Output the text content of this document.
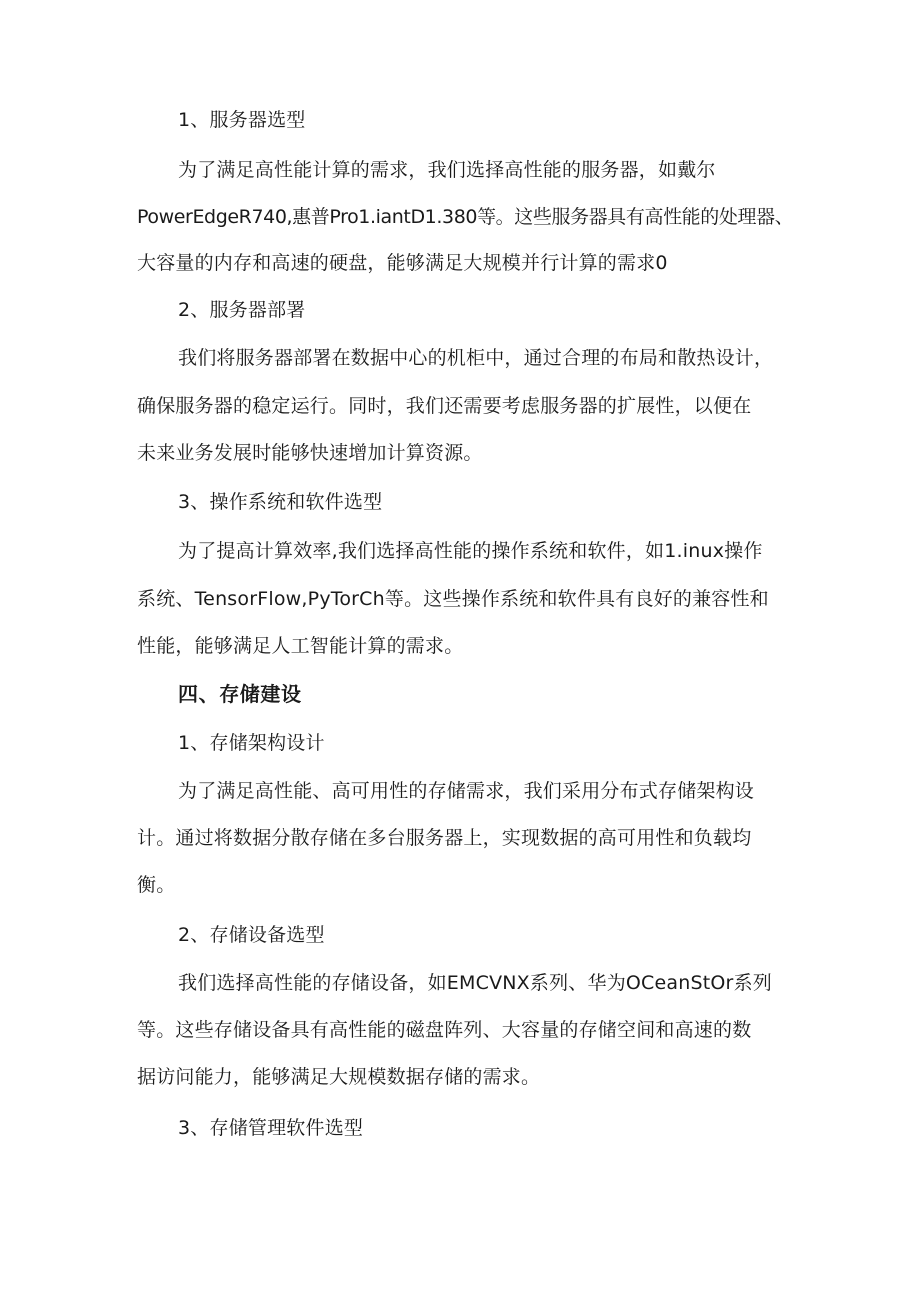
1、服务器选型
为了满足高性能计算的需求，我们选择高性能的服务器，如戴尔
PowerEdgeR740,惠普Pro1.iantD1.380等。这些服务器具有高性能的处理器、
大容量的内存和高速的硬盘，能够满足大规模并行计算的需求0
2、服务器部署
我们将服务器部署在数据中心的机柜中，通过合理的布局和散热设计，
确保服务器的稳定运行。同时，我们还需要考虑服务器的扩展性，以便在
未来业务发展时能够快速增加计算资源。
3、操作系统和软件选型
为了提高计算效率,我们选择高性能的操作系统和软件，如1.inux操作
系统、TensorFlow,PyTorCh等。这些操作系统和软件具有良好的兼容性和
性能，能够满足人工智能计算的需求。
四、存储建设
1、存储架构设计
为了满足高性能、高可用性的存储需求，我们采用分布式存储架构设
计。通过将数据分散存储在多台服务器上，实现数据的高可用性和负载均
衡。
2、存储设备选型
我们选择高性能的存储设备，如EMCVNX系列、华为OCeanStOr系列
等。这些存储设备具有高性能的磁盘阵列、大容量的存储空间和高速的数
据访问能力，能够满足大规模数据存储的需求。
3、存储管理软件选型
